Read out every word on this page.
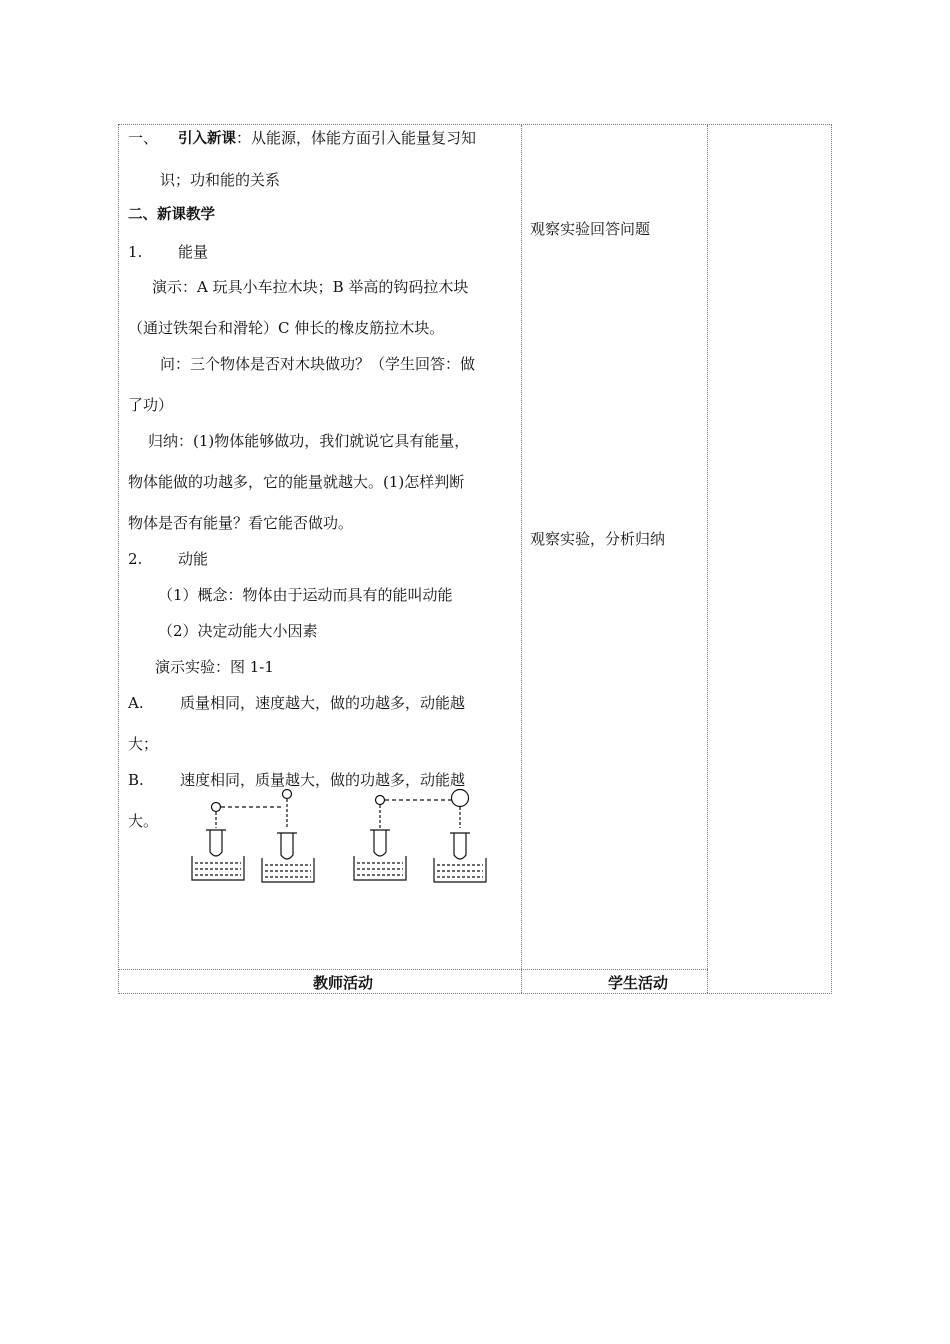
一、 引入新课：从能源，体能方面引入能量复习知
识；功和能的关系
二、新课教学
1. 能量
演示：A 玩具小车拉木块；B 举高的钩码拉木块
（通过铁架台和滑轮）C 伸长的橡皮筋拉木块。
问：三个物体是否对木块做功？（学生回答：做
了功）
归纳：(1)物体能够做功，我们就说它具有能量，
物体能做的功越多，它的能量就越大。(1)怎样判断
物体是否有能量？看它能否做功。
2. 动能
（1）概念：物体由于运动而具有的能叫动能
（2）决定动能大小因素
演示实验：图 1-1
A. 质量相同，速度越大，做的功越多，动能越
大；
B. 速度相同，质量越大，做的功越多，动能越
大。
观察实验回答问题
观察实验，分析归纳
教师活动	学生活动
